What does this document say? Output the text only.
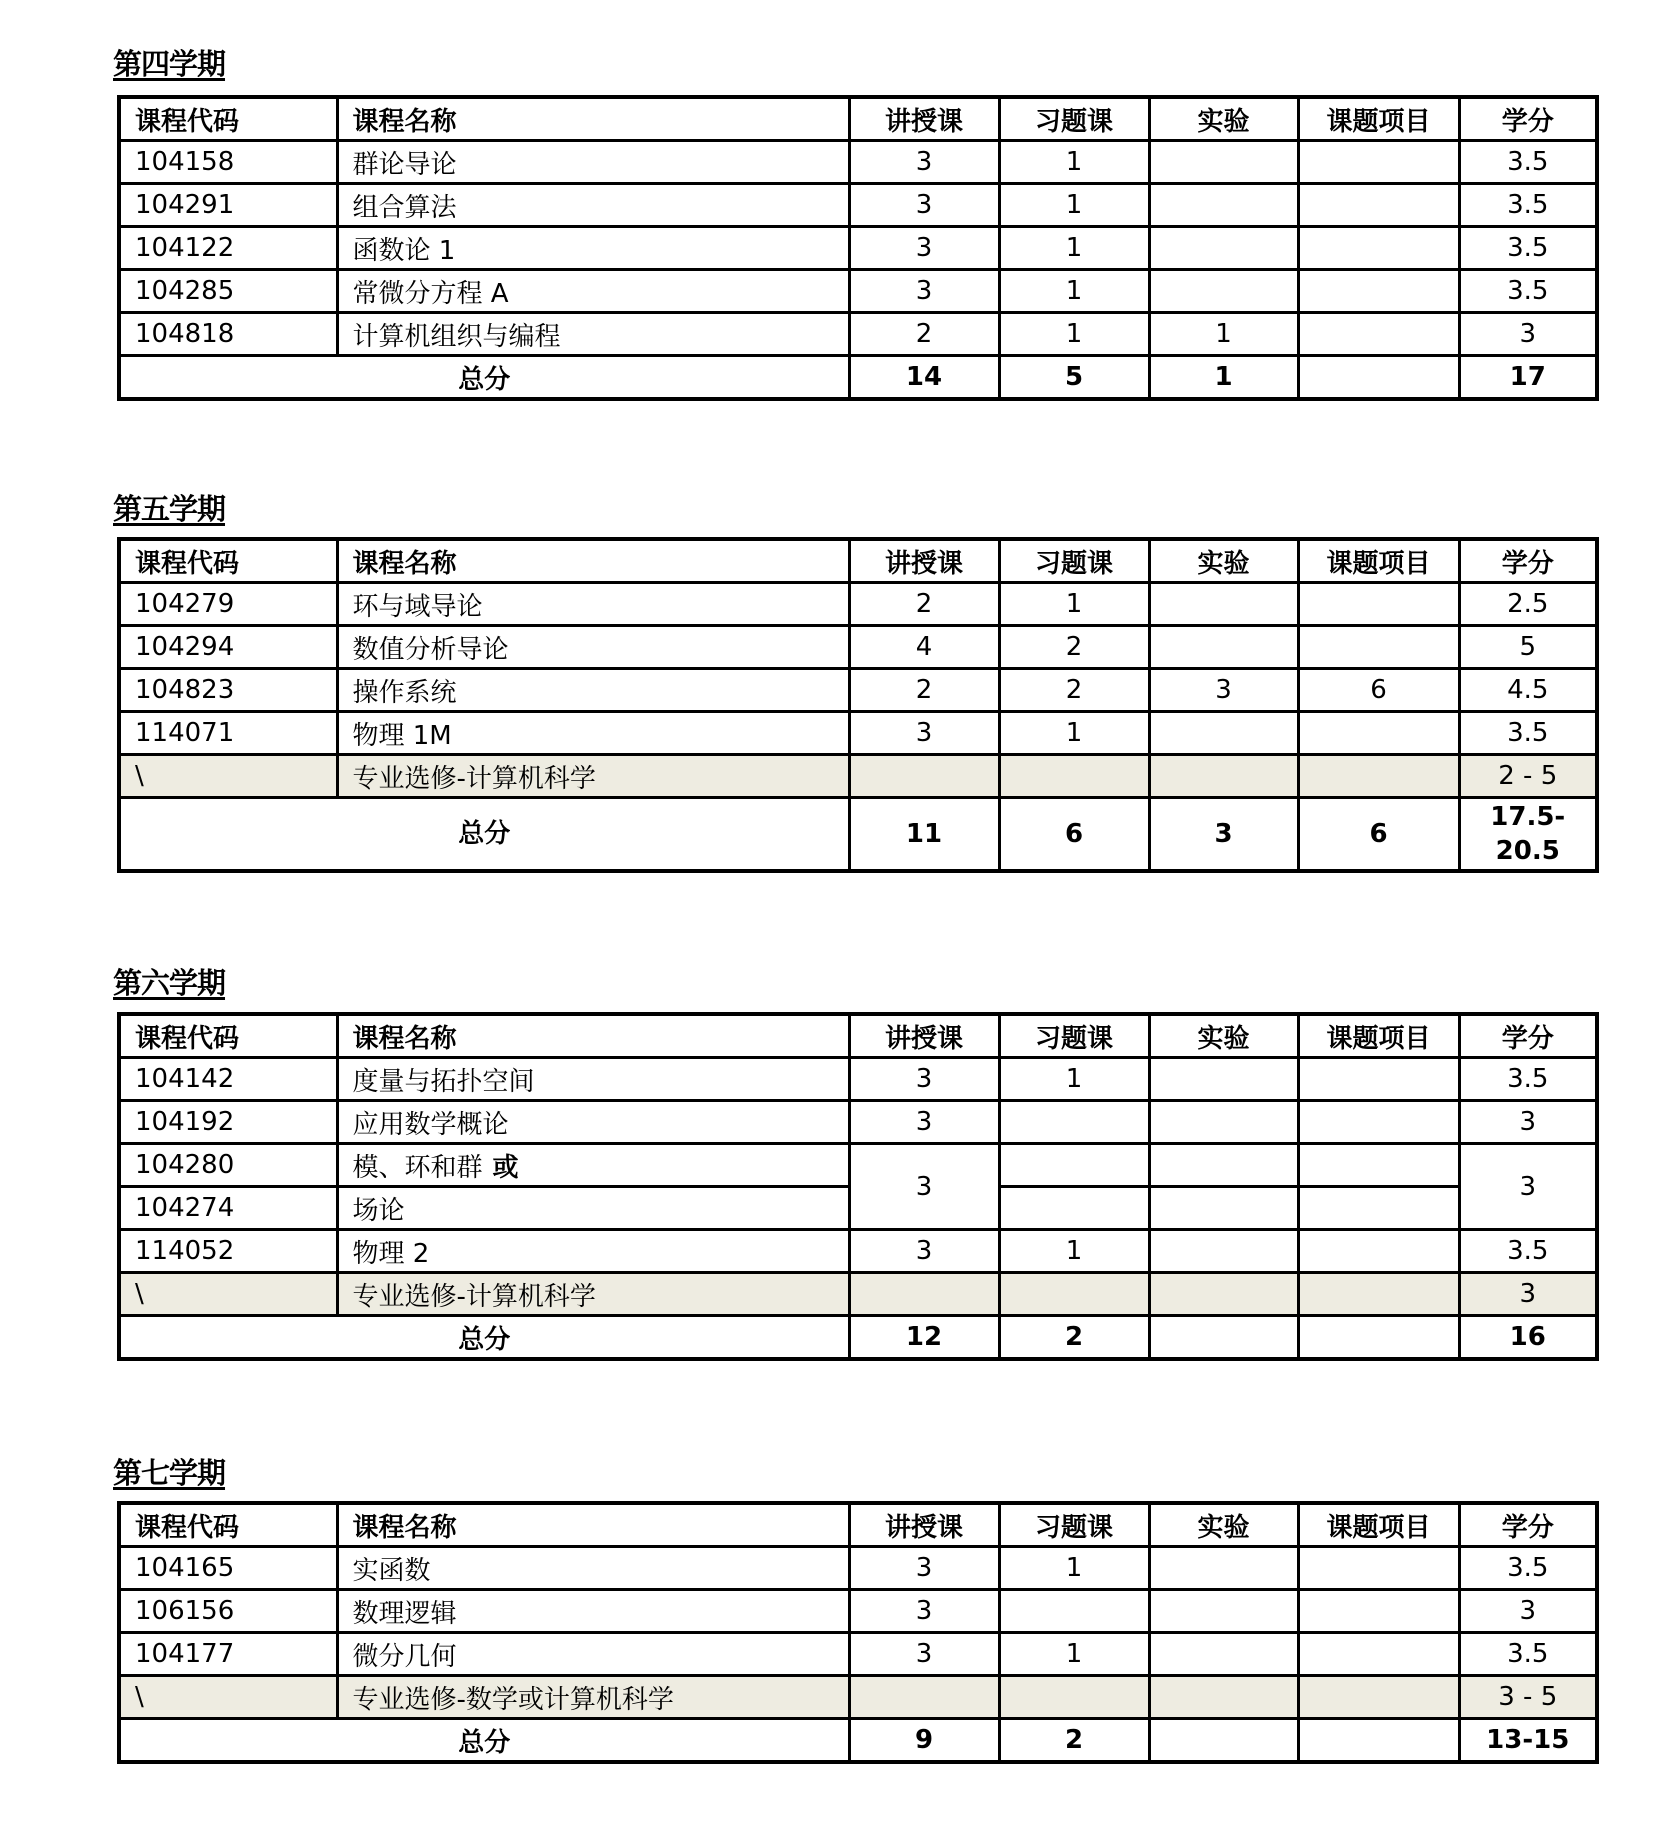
第四学期
课程代码	课程名称	讲授课	习题课	实验	课题项目	学分
104158	群论导论	3	1			3.5
104291	组合算法	3	1			3.5
104122	函数论 1	3	1			3.5
104285	常微分方程 A	3	1			3.5
104818	计算机组织与编程	2	1	1		3
总分		14	5	1		17
第五学期
课程代码	课程名称	讲授课	习题课	实验	课题项目	学分
104279	环与域导论	2	1			2.5
104294	数值分析导论	4	2			5
104823	操作系统	2	2	3	6	4.5
114071	物理 1M	3	1			3.5
\	专业选修-计算机科学					2 - 5
总分		11	6	3	6	17.5-
20.5
第六学期
课程代码	课程名称	讲授课	习题课	实验	课题项目	学分
104142	度量与拓扑空间	3	1			3.5
104192	应用数学概论	3				3
104280	模、环和群 或	3				3
104274	场论					
114052	物理 2	3	1			3.5
\	专业选修-计算机科学					3
总分		12	2			16
第七学期
课程代码	课程名称	讲授课	习题课	实验	课题项目	学分
104165	实函数	3	1			3.5
106156	数理逻辑	3				3
104177	微分几何	3	1			3.5
\	专业选修-数学或计算机科学					3 - 5
总分		9	2			13-15
